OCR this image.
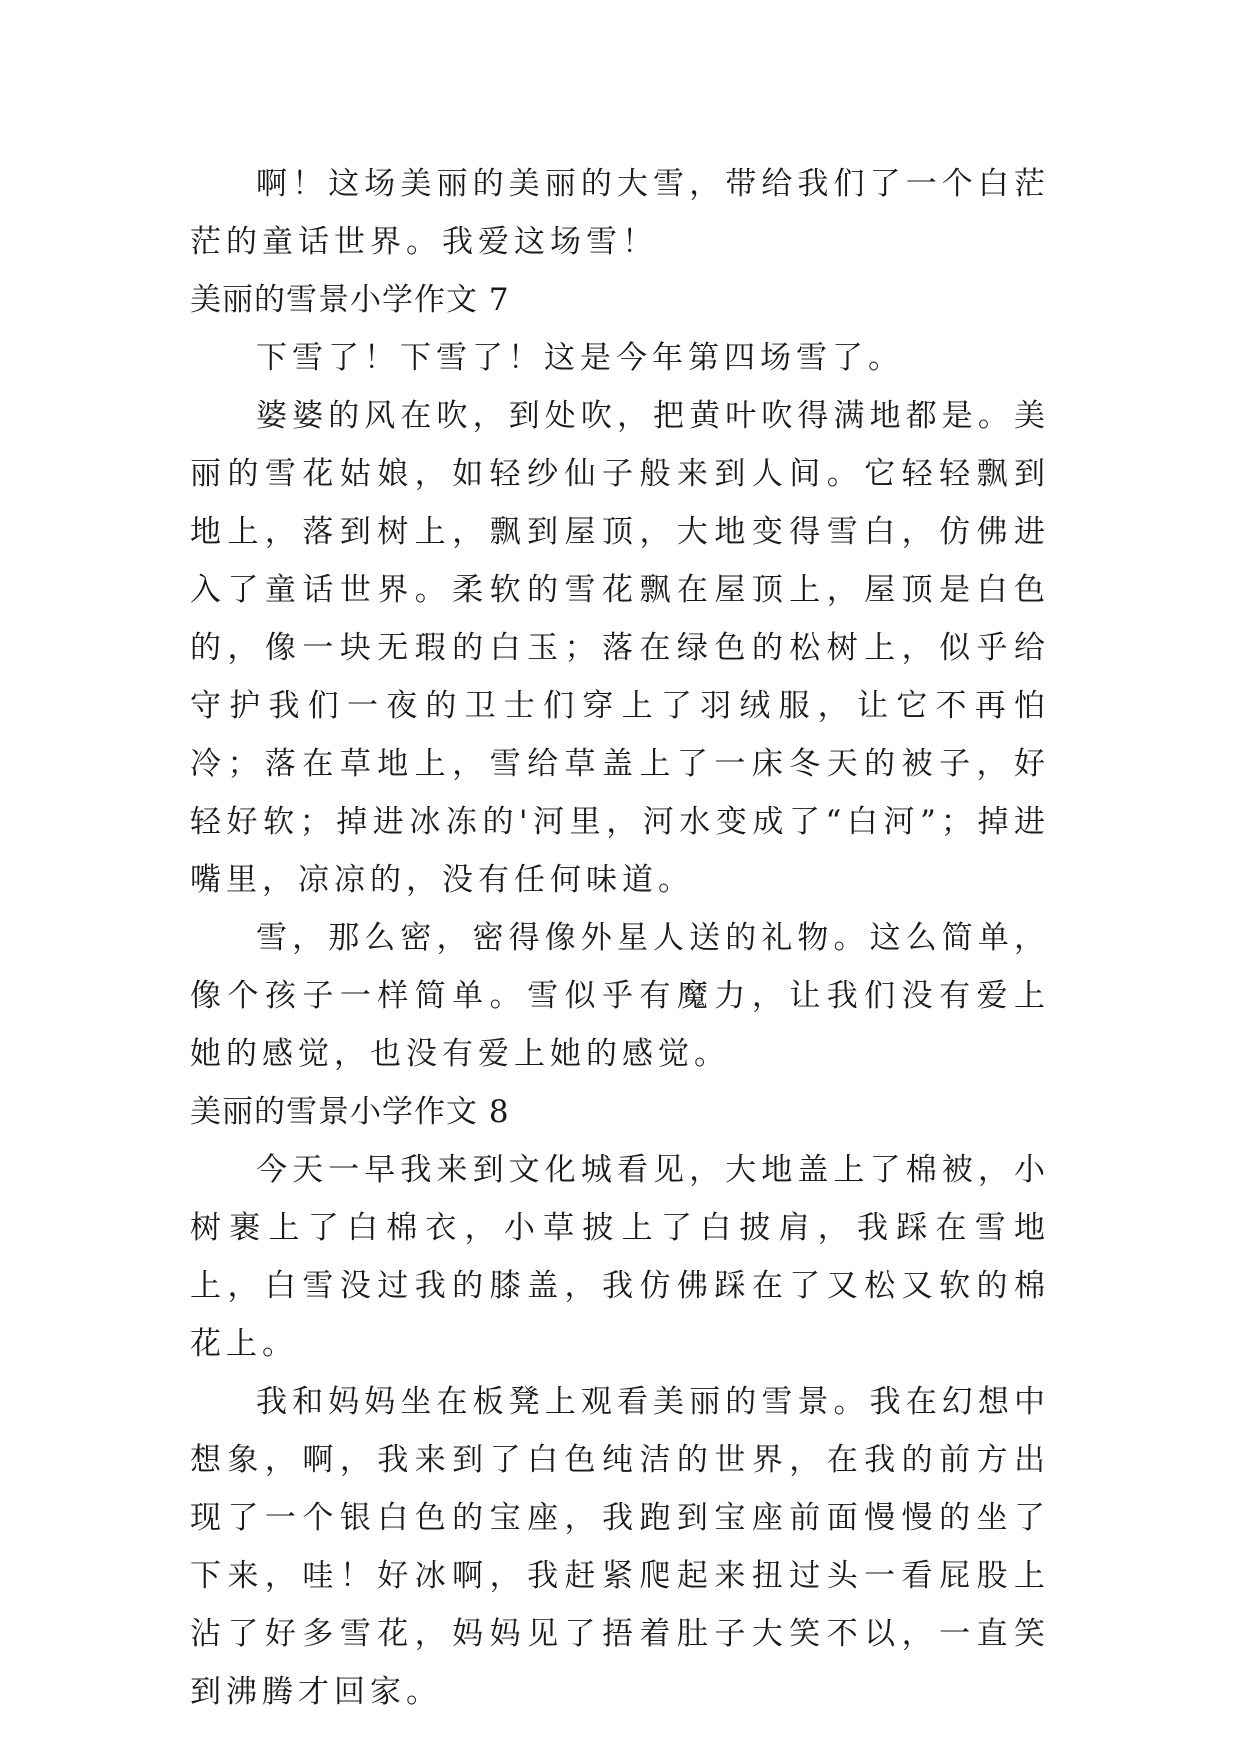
啊！这场美丽的美丽的大雪，带给我们了一个白茫茫的童话世界。我爱这场雪！

美丽的雪景小学作文 7

下雪了！下雪了！这是今年第四场雪了。

婆婆的风在吹，到处吹，把黄叶吹得满地都是。美丽的雪花姑娘，如轻纱仙子般来到人间。它轻轻飘到地上，落到树上，飘到屋顶，大地变得雪白，仿佛进入了童话世界。柔软的雪花飘在屋顶上，屋顶是白色的，像一块无瑕的白玉；落在绿色的松树上，似乎给守护我们一夜的卫士们穿上了羽绒服，让它不再怕冷；落在草地上，雪给草盖上了一床冬天的被子，好轻好软；掉进冰冻的'河里，河水变成了“白河”；掉进嘴里，凉凉的，没有任何味道。

雪，那么密，密得像外星人送的礼物。这么简单，像个孩子一样简单。雪似乎有魔力，让我们没有爱上她的感觉，也没有爱上她的感觉。

美丽的雪景小学作文 8

今天一早我来到文化城看见，大地盖上了棉被，小树裹上了白棉衣，小草披上了白披肩，我踩在雪地上，白雪没过我的膝盖，我仿佛踩在了又松又软的棉花上。

我和妈妈坐在板凳上观看美丽的雪景。我在幻想中想象，啊，我来到了白色纯洁的世界，在我的前方出现了一个银白色的宝座，我跑到宝座前面慢慢的坐了下来，哇！好冰啊，我赶紧爬起来扭过头一看屁股上沾了好多雪花，妈妈见了捂着肚子大笑不以，一直笑到沸腾才回家。
